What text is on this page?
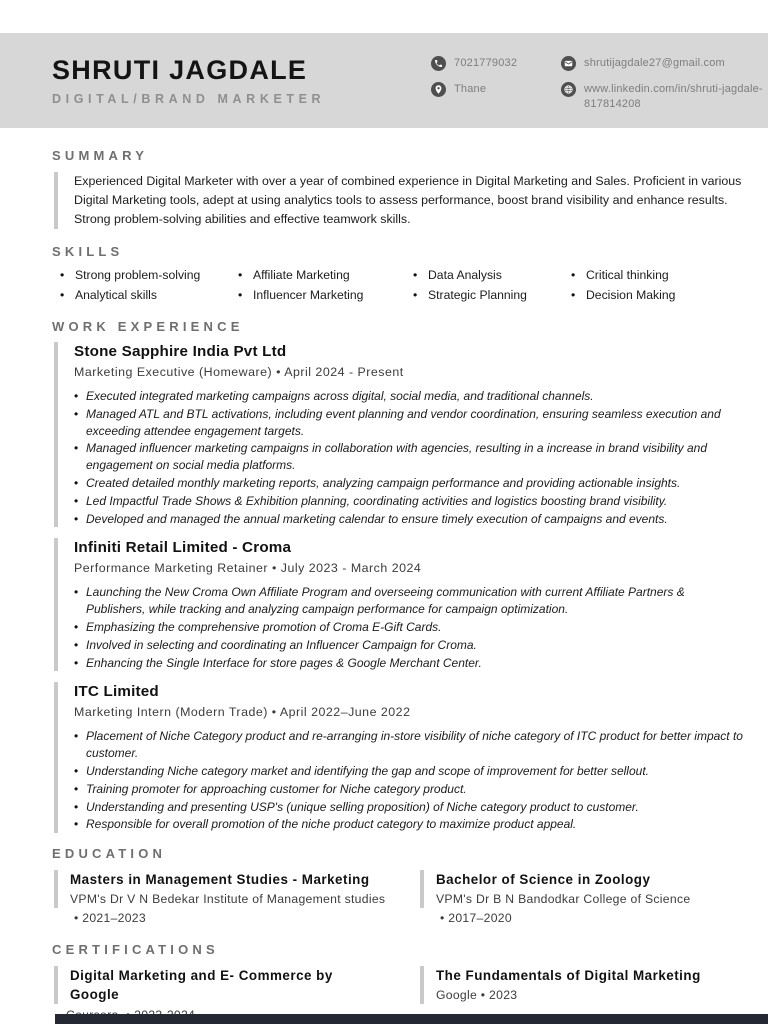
SHRUTI JAGDALE
DIGITAL/BRAND MARKETER
7021779032
Thane
shrutijagdale27@gmail.com
www.linkedin.com/in/shruti-jagdale-817814208
SUMMARY

Experienced Digital Marketer with over a year of combined experience in Digital Marketing and Sales. Proficient in various Digital Marketing tools, adept at using analytics tools to assess performance, boost brand visibility and enhance results. Strong problem-solving abilities and effective teamwork skills.

SKILLS
• Strong problem-solving
• Analytical skills
• Affiliate Marketing
• Influencer Marketing
• Data Analysis
• Strategic Planning
• Critical thinking
• Decision Making
WORK EXPERIENCE
Stone Sapphire India Pvt Ltd
Marketing Executive (Homeware) • April 2024 - Present
• Executed integrated marketing campaigns across digital, social media, and traditional channels.
• Managed ATL and BTL activations, including event planning and vendor coordination, ensuring seamless execution and exceeding attendee engagement targets.
• Managed influencer marketing campaigns in collaboration with agencies, resulting in a increase in brand visibility and engagement on social media platforms.
• Created detailed monthly marketing reports, analyzing campaign performance and providing actionable insights.
• Led Impactful Trade Shows & Exhibition planning, coordinating activities and logistics boosting brand visibility.
• Developed and managed the annual marketing calendar to ensure timely execution of campaigns and events.
Infiniti Retail Limited - Croma
Performance Marketing Retainer • July 2023 - March 2024
• Launching the New Croma Own Affiliate Program and overseeing communication with current Affiliate Partners & Publishers, while tracking and analyzing campaign performance for campaign optimization.
• Emphasizing the comprehensive promotion of Croma E-Gift Cards.
• Involved in selecting and coordinating an Influencer Campaign for Croma.
• Enhancing the Single Interface for store pages & Google Merchant Center.
ITC Limited
Marketing Intern (Modern Trade) • April 2022–June 2022
• Placement of Niche Category product and re-arranging in-store visibility of niche category of ITC product for better impact to customer.
• Understanding Niche category market and identifying the gap and scope of improvement for better sellout.
• Training promoter for approaching customer for Niche category product.
• Understanding and presenting USP's (unique selling proposition) of Niche category product to customer.
• Responsible for overall promotion of the niche product category to maximize product appeal.
EDUCATION
Masters in Management Studies - Marketing
VPM's Dr V N Bedekar Institute of Management studies
• 2021–2023
Bachelor of Science in Zoology
VPM's Dr B N Bandodkar College of Science
• 2017–2020
CERTIFICATIONS
Digital Marketing and E- Commerce by Google
The Fundamentals of Digital Marketing
Google • 2023
